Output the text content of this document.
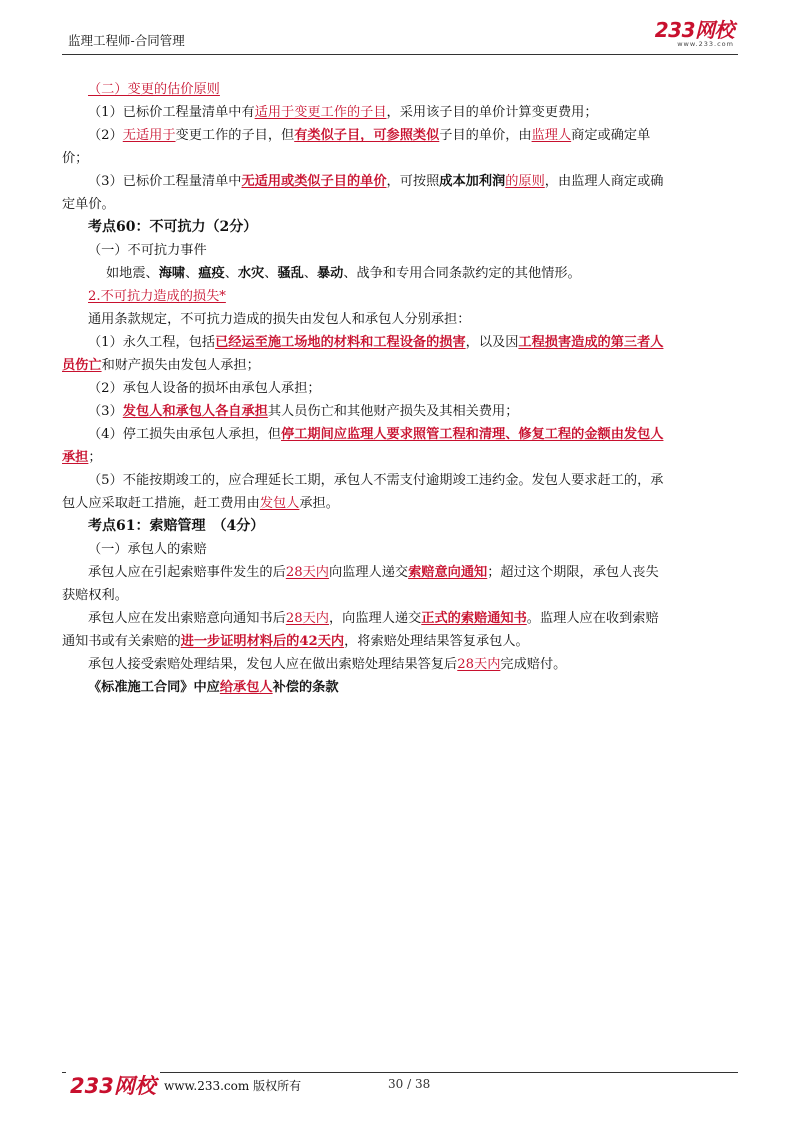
监理工程师-合同管理	233网校
www.233.com
（二）变更的估价原则
（1）已标价工程量清单中有适用于变更工作的子目，采用该子目的单价计算变更费用；
（2）无适用于变更工作的子目，但有类似子目，可参照类似子目的单价，由监理人商定或确定单
价；
（3）已标价工程量清单中无适用或类似子目的单价，可按照成本加利润的原则，由监理人商定或确
定单价。
考点60：不可抗力（2分）
（一）不可抗力事件
如地震、海啸、瘟疫、水灾、骚乱、暴动、战争和专用合同条款约定的其他情形。
2.不可抗力造成的损失*
通用条款规定，不可抗力造成的损失由发包人和承包人分别承担：
（1）永久工程，包括已经运至施工场地的材料和工程设备的损害，以及因工程损害造成的第三者人
员伤亡和财产损失由发包人承担；
（2）承包人设备的损坏由承包人承担；
（3）发包人和承包人各自承担其人员伤亡和其他财产损失及其相关费用；
（4）停工损失由承包人承担，但停工期间应监理人要求照管工程和清理、修复工程的金额由发包人
承担；
（5）不能按期竣工的，应合理延长工期，承包人不需支付逾期竣工违约金。发包人要求赶工的，承
包人应采取赶工措施，赶工费用由发包人承担。
考点61：索赔管理　（4分）
（一）承包人的索赔
承包人应在引起索赔事件发生的后28天内向监理人递交索赔意向通知；超过这个期限，承包人丧失
获赔权利。
承包人应在发出索赔意向通知书后28天内，向监理人递交正式的索赔通知书。监理人应在收到索赔
通知书或有关索赔的进一步证明材料后的42天内，将索赔处理结果答复承包人。
承包人接受索赔处理结果，发包人应在做出索赔处理结果答复后28天内完成赔付。
《标准施工合同》中应给承包人补偿的条款
233网校 www.233.com 版权所有	30 / 38
